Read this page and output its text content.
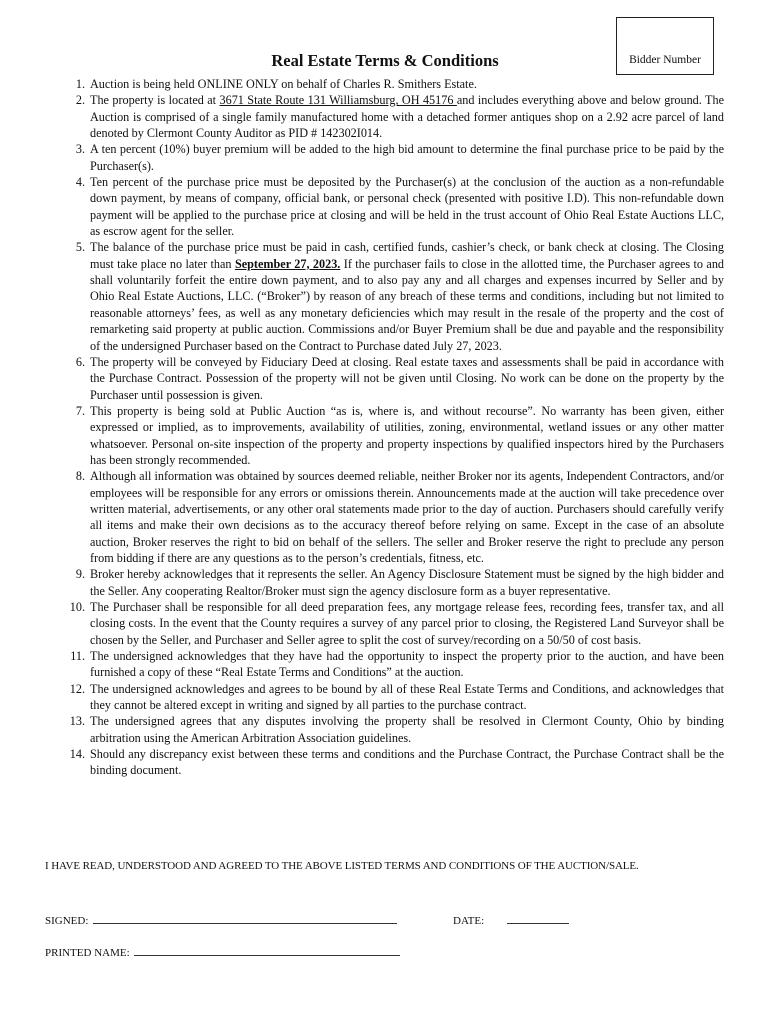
Bidder Number
Real Estate Terms & Conditions
1. Auction is being held ONLINE ONLY on behalf of Charles R. Smithers Estate.
2. The property is located at 3671 State Route 131 Williamsburg, OH 45176 and includes everything above and below ground. The Auction is comprised of a single family manufactured home with a detached former antiques shop on a 2.92 acre parcel of land denoted by Clermont County Auditor as PID # 142302I014.
3. A ten percent (10%) buyer premium will be added to the high bid amount to determine the final purchase price to be paid by the Purchaser(s).
4. Ten percent of the purchase price must be deposited by the Purchaser(s) at the conclusion of the auction as a non-refundable down payment, by means of company, official bank, or personal check (presented with positive I.D). This non-refundable down payment will be applied to the purchase price at closing and will be held in the trust account of Ohio Real Estate Auctions LLC, as escrow agent for the seller.
5. The balance of the purchase price must be paid in cash, certified funds, cashier’s check, or bank check at closing. The Closing must take place no later than September 27, 2023. If the purchaser fails to close in the allotted time, the Purchaser agrees to and shall voluntarily forfeit the entire down payment, and to also pay any and all charges and expenses incurred by Seller and by Ohio Real Estate Auctions, LLC. (“Broker”) by reason of any breach of these terms and conditions, including but not limited to reasonable attorneys’ fees, as well as any monetary deficiencies which may result in the resale of the property and the cost of remarketing said property at public auction. Commissions and/or Buyer Premium shall be due and payable and the responsibility of the undersigned Purchaser based on the Contract to Purchase dated July 27, 2023.
6. The property will be conveyed by Fiduciary Deed at closing. Real estate taxes and assessments shall be paid in accordance with the Purchase Contract. Possession of the property will not be given until Closing. No work can be done on the property by the Purchaser until possession is given.
7. This property is being sold at Public Auction “as is, where is, and without recourse”. No warranty has been given, either expressed or implied, as to improvements, availability of utilities, zoning, environmental, wetland issues or any other matter whatsoever. Personal on-site inspection of the property and property inspections by qualified inspectors hired by the Purchasers has been strongly recommended.
8. Although all information was obtained by sources deemed reliable, neither Broker nor its agents, Independent Contractors, and/or employees will be responsible for any errors or omissions therein. Announcements made at the auction will take precedence over written material, advertisements, or any other oral statements made prior to the day of auction. Purchasers should carefully verify all items and make their own decisions as to the accuracy thereof before relying on same. Except in the case of an absolute auction, Broker reserves the right to bid on behalf of the sellers. The seller and Broker reserve the right to preclude any person from bidding if there are any questions as to the person’s credentials, fitness, etc.
9. Broker hereby acknowledges that it represents the seller. An Agency Disclosure Statement must be signed by the high bidder and the Seller. Any cooperating Realtor/Broker must sign the agency disclosure form as a buyer representative.
10. The Purchaser shall be responsible for all deed preparation fees, any mortgage release fees, recording fees, transfer tax, and all closing costs. In the event that the County requires a survey of any parcel prior to closing, the Registered Land Surveyor shall be chosen by the Seller, and Purchaser and Seller agree to split the cost of survey/recording on a 50/50 of cost basis.
11. The undersigned acknowledges that they have had the opportunity to inspect the property prior to the auction, and have been furnished a copy of these “Real Estate Terms and Conditions” at the auction.
12. The undersigned acknowledges and agrees to be bound by all of these Real Estate Terms and Conditions, and acknowledges that they cannot be altered except in writing and signed by all parties to the purchase contract.
13. The undersigned agrees that any disputes involving the property shall be resolved in Clermont County, Ohio by binding arbitration using the American Arbitration Association guidelines.
14. Should any discrepancy exist between these terms and conditions and the Purchase Contract, the Purchase Contract shall be the binding document.
I HAVE READ, UNDERSTOOD AND AGREED TO THE ABOVE LISTED TERMS AND CONDITIONS OF THE AUCTION/SALE.
SIGNED:	DATE:
PRINTED NAME:
